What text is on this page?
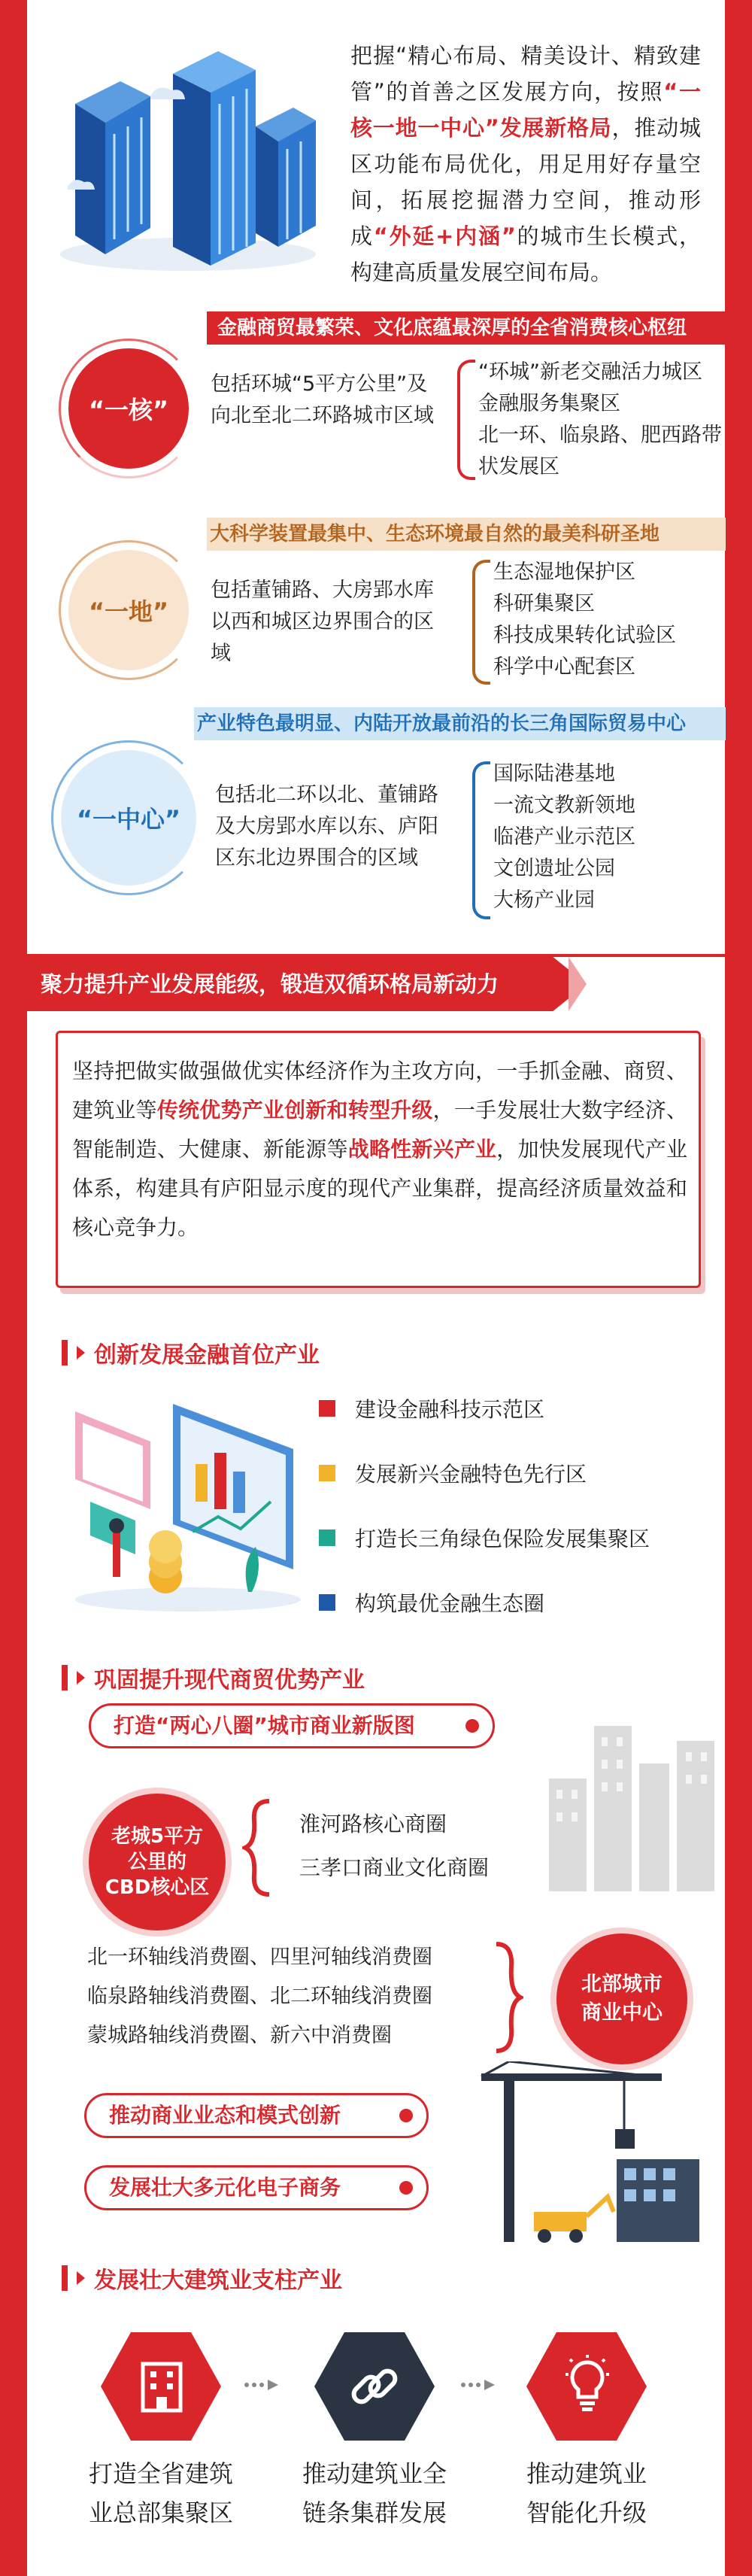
把握“精心布局、精美设计、精致建管”的首善之区发展方向，按照“一核一地一中心”发展新格局，推动城区功能布局优化，用足用好存量空间，拓展挖掘潜力空间，推动形成“外延+内涵”的城市生长模式，构建高质量发展空间布局。
金融商贸最繁荣、文化底蕴最深厚的全省消费核心枢纽
“一核”
包括环城“5平方公里”及向北至北二环路城市区域
“环城”新老交融活力城区
金融服务集聚区
北一环、临泉路、肥西路带状发展区
大科学装置最集中、生态环境最自然的最美科研圣地
“一地”
包括董铺路、大房郢水库以西和城区边界围合的区域
生态湿地保护区
科研集聚区
科技成果转化试验区
科学中心配套区
产业特色最明显、内陆开放最前沿的长三角国际贸易中心
“一中心”
包括北二环以北、董铺路及大房郢水库以东、庐阳区东北边界围合的区域
国际陆港基地
一流文教新领地
临港产业示范区
文创遗址公园
大杨产业园
聚力提升产业发展能级，锻造双循环格局新动力
坚持把做实做强做优实体经济作为主攻方向，一手抓金融、商贸、建筑业等传统优势产业创新和转型升级，一手发展壮大数字经济、智能制造、大健康、新能源等战略性新兴产业，加快发展现代产业体系，构建具有庐阳显示度的现代产业集群，提高经济质量效益和核心竞争力。
创新发展金融首位产业
建设金融科技示范区
发展新兴金融特色先行区
打造长三角绿色保险发展集聚区
构筑最优金融生态圈
巩固提升现代商贸优势产业
打造“两心八圈”城市商业新版图
老城5平方
公里的
CBD核心区
淮河路核心商圈
三孝口商业文化商圈
北一环轴线消费圈、四里河轴线消费圈
临泉路轴线消费圈、北二环轴线消费圈
蒙城路轴线消费圈、新六中消费圈
北部城市
商业中心
推动商业业态和模式创新
发展壮大多元化电子商务
发展壮大建筑业支柱产业
打造全省建筑
业总部集聚区
推动建筑业全
链条集群发展
推动建筑业
智能化升级
